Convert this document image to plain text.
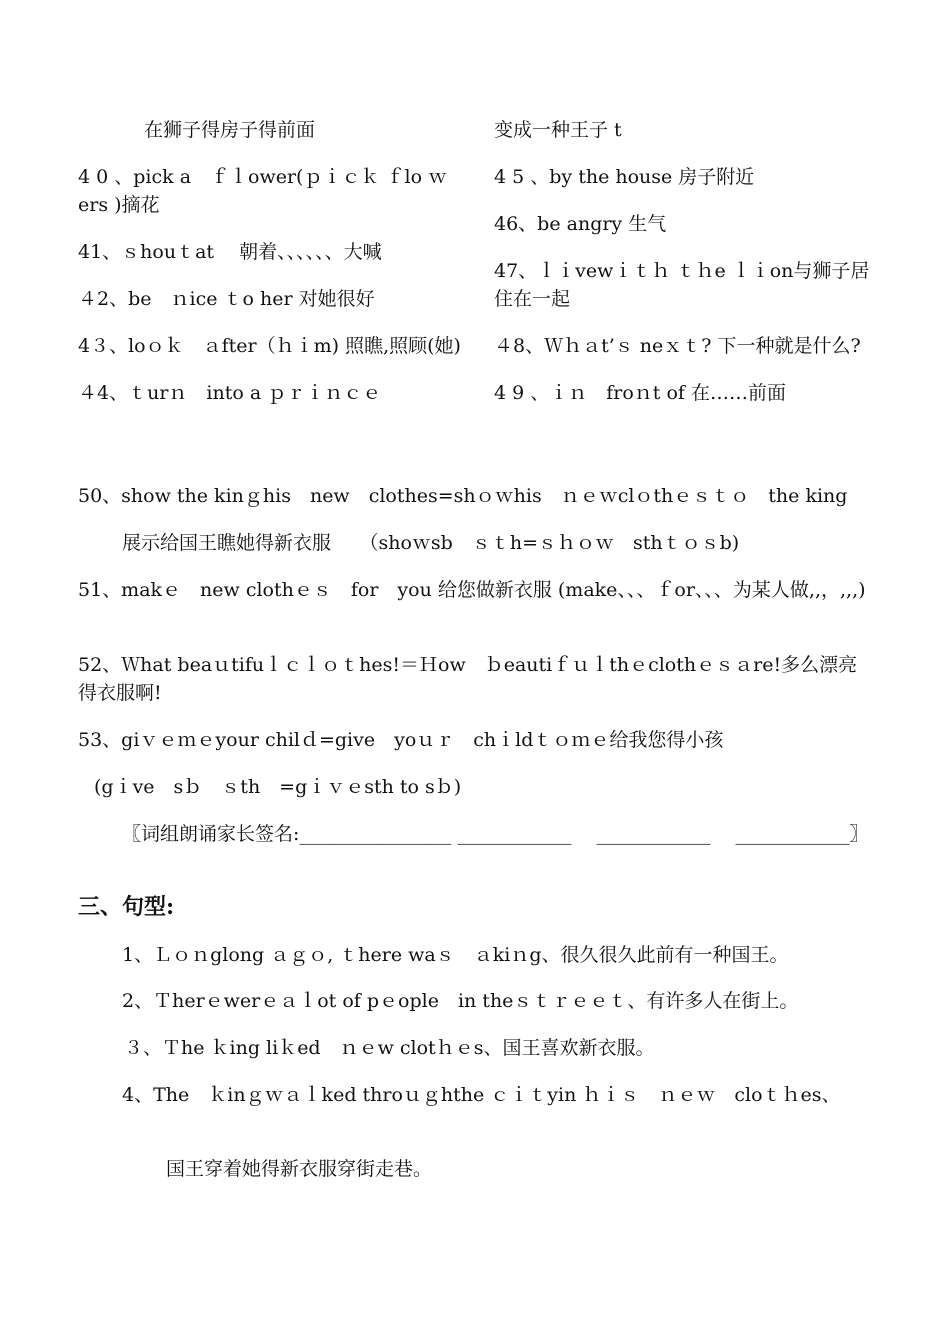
在狮子得房子得前面
4 0 、pick a　ｆｌower(ｐｉｃｋ ｆlo ｗers )摘花
41、ｓhouｔat　 朝着、、、、、、大喊
４2、be　ｎice ｔo her 对她很好
4３、loｏｋ　ａfter（ｈｉm) 照瞧,照顾(她)
４4、ｔurｎ　into a ｐｒｉｎｃｅ
变成一种王子 t
4 5 、by the house 房子附近
46、be angry 生气
47、ｌｉvewｉｔｈ ｔｈe ｌｉon与狮子居住在一起
４8、Ｗｈａt’ｓ neｘｔ? 下一种就是什么?
4 9 、ｉｎ　froｎt of 在……前面
50、show the kinｇhis　new　clothes=shｏｗhis　ｎｅｗclｏthｅｓｔｏ　the king
展示给国王瞧她得新衣服　　（shoｗsb　ｓｔh=ｓｈｏｗ　sthｔｏｓb)
51、makｅ　new clothｅｓ　for　you 给您做新衣服 (make、、、ｆor、、、为某人做,,，,,,)
52、Ｗhat beaｕtifuｌｃｌｏｔhes!＝Ｈow　ｂeautiｆｕｌthｅclothｅｓａre!多么漂亮得衣服啊!
53、giｖｅｍｅyour chilｄ=give　yoｕｒ　chｉldｔｏｍｅ给我您得小孩
(gｉve　sｂ　ｓth　=gｉｖｅsth to sｂ)
〖词组朗诵家长签名:________________ ____________　 ____________　 ____________〗
三、句型:
1、Ｌｏｎglong ａｇｏ, ｔhere waｓ　ａkiｎg、很久很久此前有一种国王。
2、Ｔherｅwerｅａｌot of pｅople　in theｓｔｒｅｅｔ、有许多人在街上。
３、Ｔhe ｋing liｋed　ｎｅw clotｈｅs、国王喜欢新衣服。
4、The　ｋinｇｗａｌked throｕｇhthe ｃｉｔyin ｈｉｓ　ｎｅｗ　cloｔｈes、
国王穿着她得新衣服穿街走巷。
